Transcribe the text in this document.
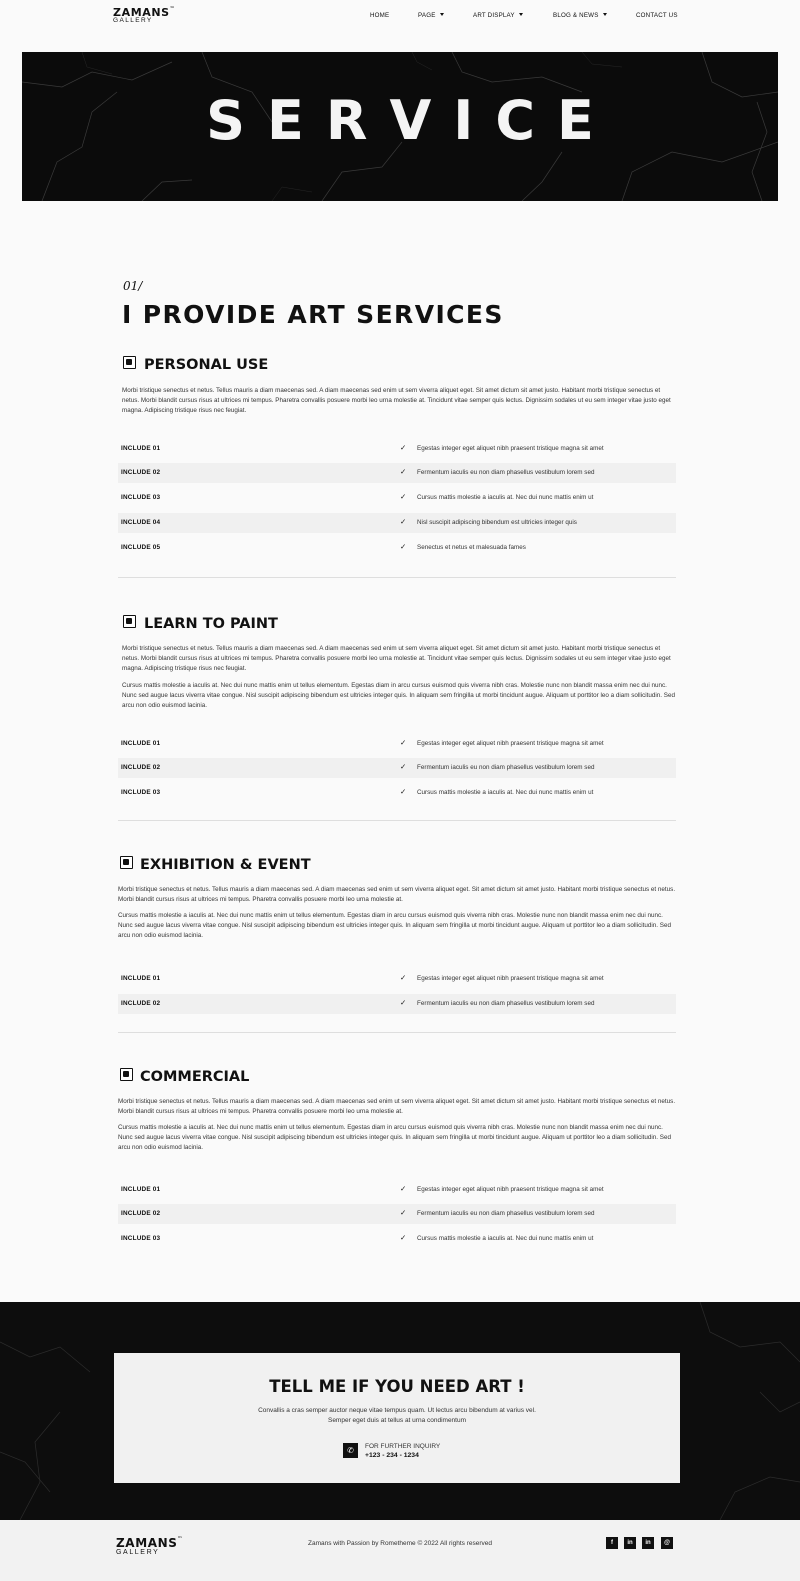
ZAMANS™
GALLERY
HOME	PAGE	ART DISPLAY	BLOG & NEWS	CONTACT US
SERVICE
01/
I PROVIDE ART SERVICES
PERSONAL USE
Morbi tristique senectus et netus. Tellus mauris a diam maecenas sed. A diam maecenas sed enim ut sem viverra aliquet eget. Sit amet dictum sit amet justo. Habitant morbi tristique senectus et netus. Morbi blandit cursus risus at ultrices mi tempus. Pharetra convallis posuere morbi leo urna molestie at. Tincidunt vitae semper quis lectus. Dignissim sodales ut eu sem integer vitae justo eget magna. Adipiscing tristique risus nec feugiat.
INCLUDE 01	✓ Egestas integer eget aliquet nibh praesent tristique magna sit amet
INCLUDE 02	✓ Fermentum iaculis eu non diam phasellus vestibulum lorem sed
INCLUDE 03	✓ Cursus mattis molestie a iaculis at. Nec dui nunc mattis enim ut
INCLUDE 04	✓ Nisl suscipit adipiscing bibendum est ultricies integer quis
INCLUDE 05	✓ Senectus et netus et malesuada fames
LEARN TO PAINT
Morbi tristique senectus et netus. Tellus mauris a diam maecenas sed. A diam maecenas sed enim ut sem viverra aliquet eget. Sit amet dictum sit amet justo. Habitant morbi tristique senectus et netus. Morbi blandit cursus risus at ultrices mi tempus. Pharetra convallis posuere morbi leo urna molestie at. Tincidunt vitae semper quis lectus. Dignissim sodales ut eu sem integer vitae justo eget magna. Adipiscing tristique risus nec feugiat.
Cursus mattis molestie a iaculis at. Nec dui nunc mattis enim ut tellus elementum. Egestas diam in arcu cursus euismod quis viverra nibh cras. Molestie nunc non blandit massa enim nec dui nunc. Nunc sed augue lacus viverra vitae congue. Nisl suscipit adipiscing bibendum est ultricies integer quis. In aliquam sem fringilla ut morbi tincidunt augue. Aliquam ut porttitor leo a diam sollicitudin. Sed arcu non odio euismod lacinia.
INCLUDE 01	✓ Egestas integer eget aliquet nibh praesent tristique magna sit amet
INCLUDE 02	✓ Fermentum iaculis eu non diam phasellus vestibulum lorem sed
INCLUDE 03	✓ Cursus mattis molestie a iaculis at. Nec dui nunc mattis enim ut
EXHIBITION & EVENT
Morbi tristique senectus et netus. Tellus mauris a diam maecenas sed. A diam maecenas sed enim ut sem viverra aliquet eget. Sit amet dictum sit amet justo. Habitant morbi tristique senectus et netus. Morbi blandit cursus risus at ultrices mi tempus. Pharetra convallis posuere morbi leo urna molestie at.
Cursus mattis molestie a iaculis at. Nec dui nunc mattis enim ut tellus elementum. Egestas diam in arcu cursus euismod quis viverra nibh cras. Molestie nunc non blandit massa enim nec dui nunc. Nunc sed augue lacus viverra vitae congue. Nisl suscipit adipiscing bibendum est ultricies integer quis. In aliquam sem fringilla ut morbi tincidunt augue. Aliquam ut porttitor leo a diam sollicitudin. Sed arcu non odio euismod lacinia.
INCLUDE 01	✓ Egestas integer eget aliquet nibh praesent tristique magna sit amet
INCLUDE 02	✓ Fermentum iaculis eu non diam phasellus vestibulum lorem sed
COMMERCIAL
Morbi tristique senectus et netus. Tellus mauris a diam maecenas sed. A diam maecenas sed enim ut sem viverra aliquet eget. Sit amet dictum sit amet justo. Habitant morbi tristique senectus et netus. Morbi blandit cursus risus at ultrices mi tempus. Pharetra convallis posuere morbi leo urna molestie at.
Cursus mattis molestie a iaculis at. Nec dui nunc mattis enim ut tellus elementum. Egestas diam in arcu cursus euismod quis viverra nibh cras. Molestie nunc non blandit massa enim nec dui nunc. Nunc sed augue lacus viverra vitae congue. Nisl suscipit adipiscing bibendum est ultricies integer quis. In aliquam sem fringilla ut morbi tincidunt augue. Aliquam ut porttitor leo a diam sollicitudin. Sed arcu non odio euismod lacinia.
INCLUDE 01	✓ Egestas integer eget aliquet nibh praesent tristique magna sit amet
INCLUDE 02	✓ Fermentum iaculis eu non diam phasellus vestibulum lorem sed
INCLUDE 03	✓ Cursus mattis molestie a iaculis at. Nec dui nunc mattis enim ut
TELL ME IF YOU NEED ART !
Convallis a cras semper auctor neque vitae tempus quam. Ut lectus arcu bibendum at varius vel. Semper eget duis at tellus at urna condimentum
✆	FOR FURTHER INQUIRY
+123 - 234 - 1234
ZAMANS™
GALLERY
Zamans with Passion by Rometheme © 2022 All rights reserved	f	in	in	@
